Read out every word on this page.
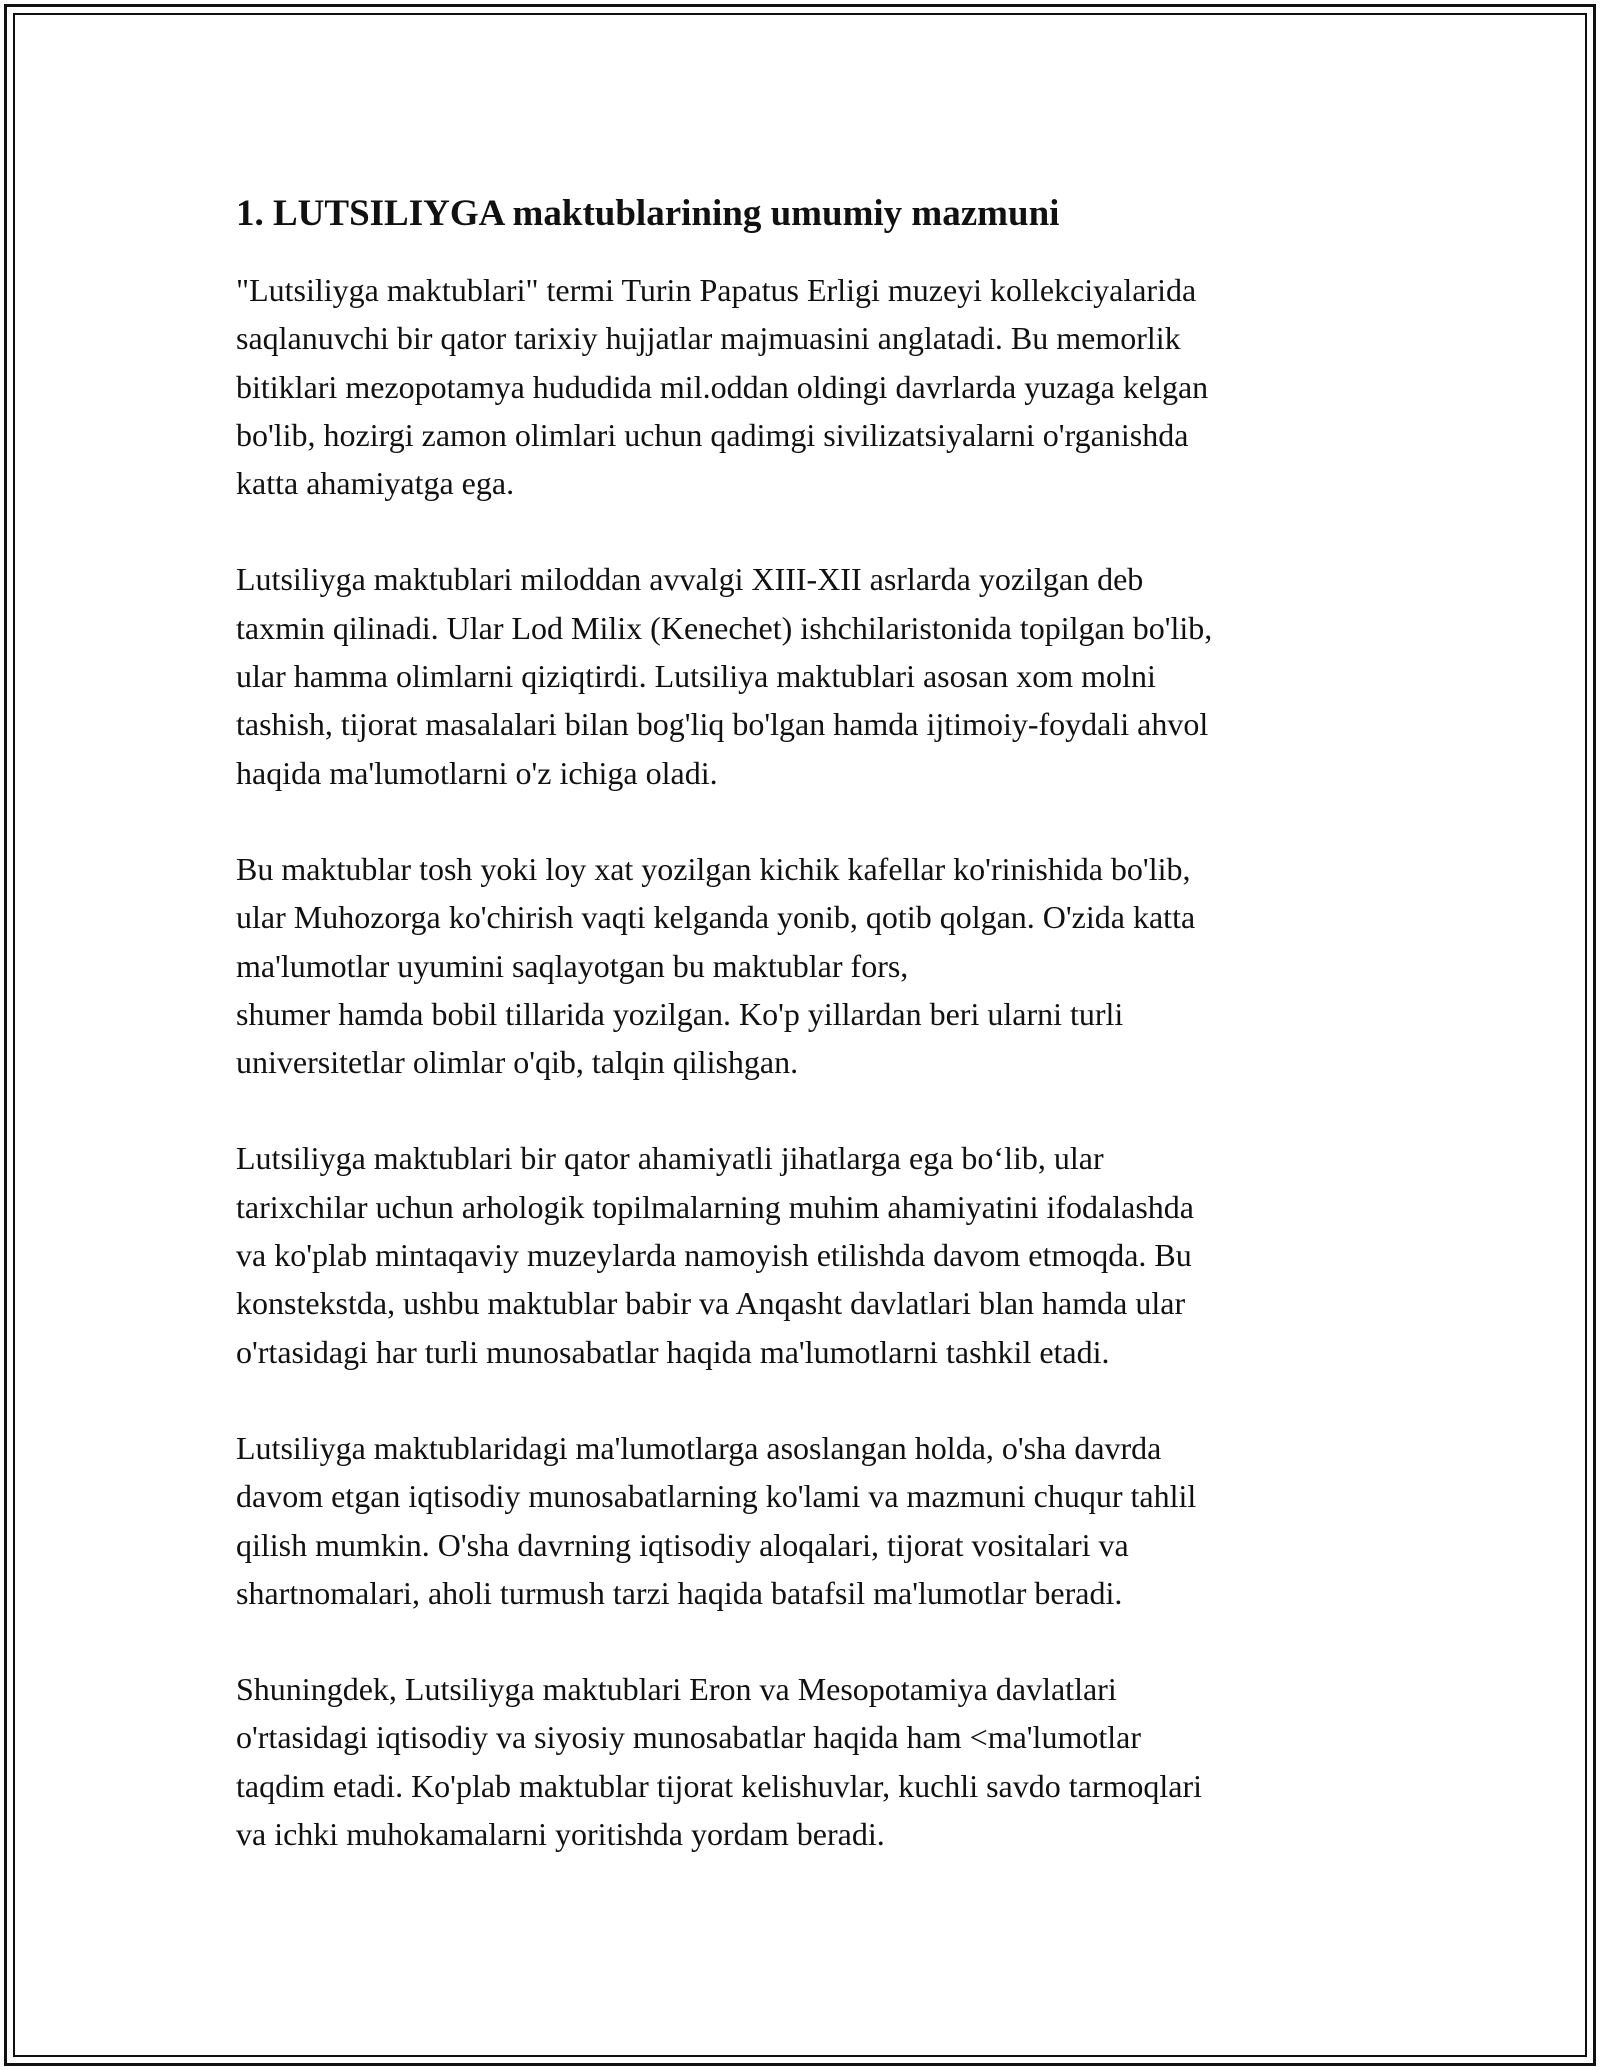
1. LUTSILIYGA maktublarining umumiy mazmuni

"Lutsiliyga maktublari" termi Turin Papatus Erligi muzeyi kollekciyalarida
saqlanuvchi bir qator tarixiy hujjatlar majmuasini anglatadi. Bu memorlik
bitiklari mezopotamya hududida mil.oddan oldingi davrlarda yuzaga kelgan
bo'lib, hozirgi zamon olimlari uchun qadimgi sivilizatsiyalarni o'rganishda
katta ahamiyatga ega.

Lutsiliyga maktublari miloddan avvalgi XIII-XII asrlarda yozilgan deb
taxmin qilinadi. Ular Lod Milix (Kenechet) ishchilaristonida topilgan bo'lib,
ular hamma olimlarni qiziqtirdi. Lutsiliya maktublari asosan xom molni
tashish, tijorat masalalari bilan bog'liq bo'lgan hamda ijtimoiy-foydali ahvol
haqida ma'lumotlarni o'z ichiga oladi.

Bu maktublar tosh yoki loy xat yozilgan kichik kafellar ko'rinishida bo'lib,
ular Muhozorga ko'chirish vaqti kelganda yonib, qotib qolgan. O'zida katta
ma'lumotlar uyumini saqlayotgan bu maktublar fors,
shumer hamda bobil tillarida yozilgan. Ko'p yillardan beri ularni turli
universitetlar olimlar o'qib, talqin qilishgan.

Lutsiliyga maktublari bir qator ahamiyatli jihatlarga ega bo‘lib, ular
tarixchilar uchun arhologik topilmalarning muhim ahamiyatini ifodalashda
va ko'plab mintaqaviy muzeylarda namoyish etilishda davom etmoqda. Bu
konstekstda, ushbu maktublar babir va Anqasht davlatlari blan hamda ular
o'rtasidagi har turli munosabatlar haqida ma'lumotlarni tashkil etadi.

Lutsiliyga maktublaridagi ma'lumotlarga asoslangan holda, o'sha davrda
davom etgan iqtisodiy munosabatlarning ko'lami va mazmuni chuqur tahlil
qilish mumkin. O'sha davrning iqtisodiy aloqalari, tijorat vositalari va
shartnomalari, aholi turmush tarzi haqida batafsil ma'lumotlar beradi.

Shuningdek, Lutsiliyga maktublari Eron va Mesopotamiya davlatlari
o'rtasidagi iqtisodiy va siyosiy munosabatlar haqida ham <ma'lumotlar
taqdim etadi. Ko'plab maktublar tijorat kelishuvlar, kuchli savdo tarmoqlari
va ichki muhokamalarni yoritishda yordam beradi.
